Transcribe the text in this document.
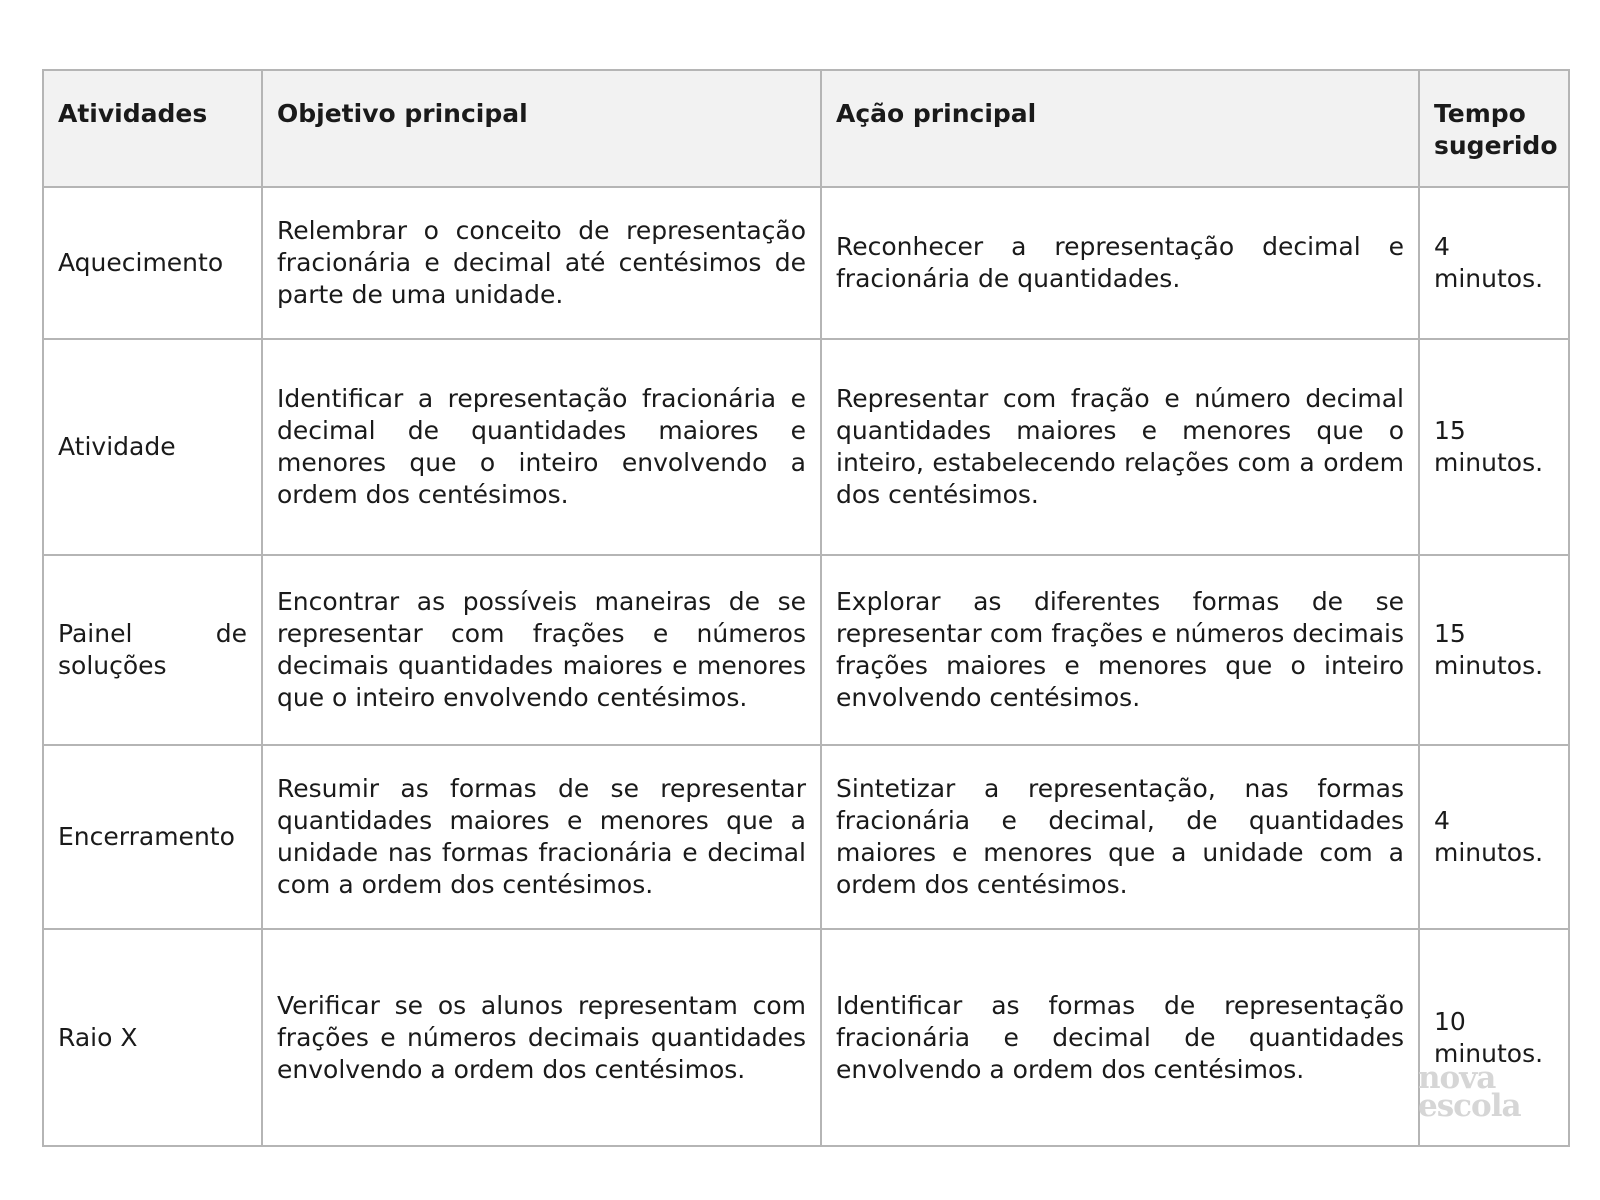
Atividades	Objetivo principal	Ação principal	Tempo sugerido
Aquecimento	Relembrar o conceito de representação fracionária e decimal até centésimos de parte de uma unidade.	Reconhecer a representação decimal e fracionária de quantidades.	4 minutos.
Atividade	Identificar a representação fracionária e decimal de quantidades maiores e menores que o inteiro envolvendo a ordem dos centésimos.	Representar com fração e número decimal quantidades maiores e menores que o inteiro, estabelecendo relações com a ordem dos centésimos.	15 minutos.
Painel de soluções	Encontrar as possíveis maneiras de se representar com frações e números decimais quantidades maiores e menores que o inteiro envolvendo centésimos.	Explorar as diferentes formas de se representar com frações e números decimais frações maiores e menores que o inteiro envolvendo centésimos.	15 minutos.
Encerramento	Resumir as formas de se representar quantidades maiores e menores que a unidade nas formas fracionária e decimal com a ordem dos centésimos.	Sintetizar a representação, nas formas fracionária e decimal, de quantidades maiores e menores que a unidade com a ordem dos centésimos.	4 minutos.
Raio X	Verificar se os alunos representam com frações e números decimais quantidades envolvendo a ordem dos centésimos.	Identificar as formas de representação fracionária e decimal de quantidades envolvendo a ordem dos centésimos.	10 minutos.
nova
escola
